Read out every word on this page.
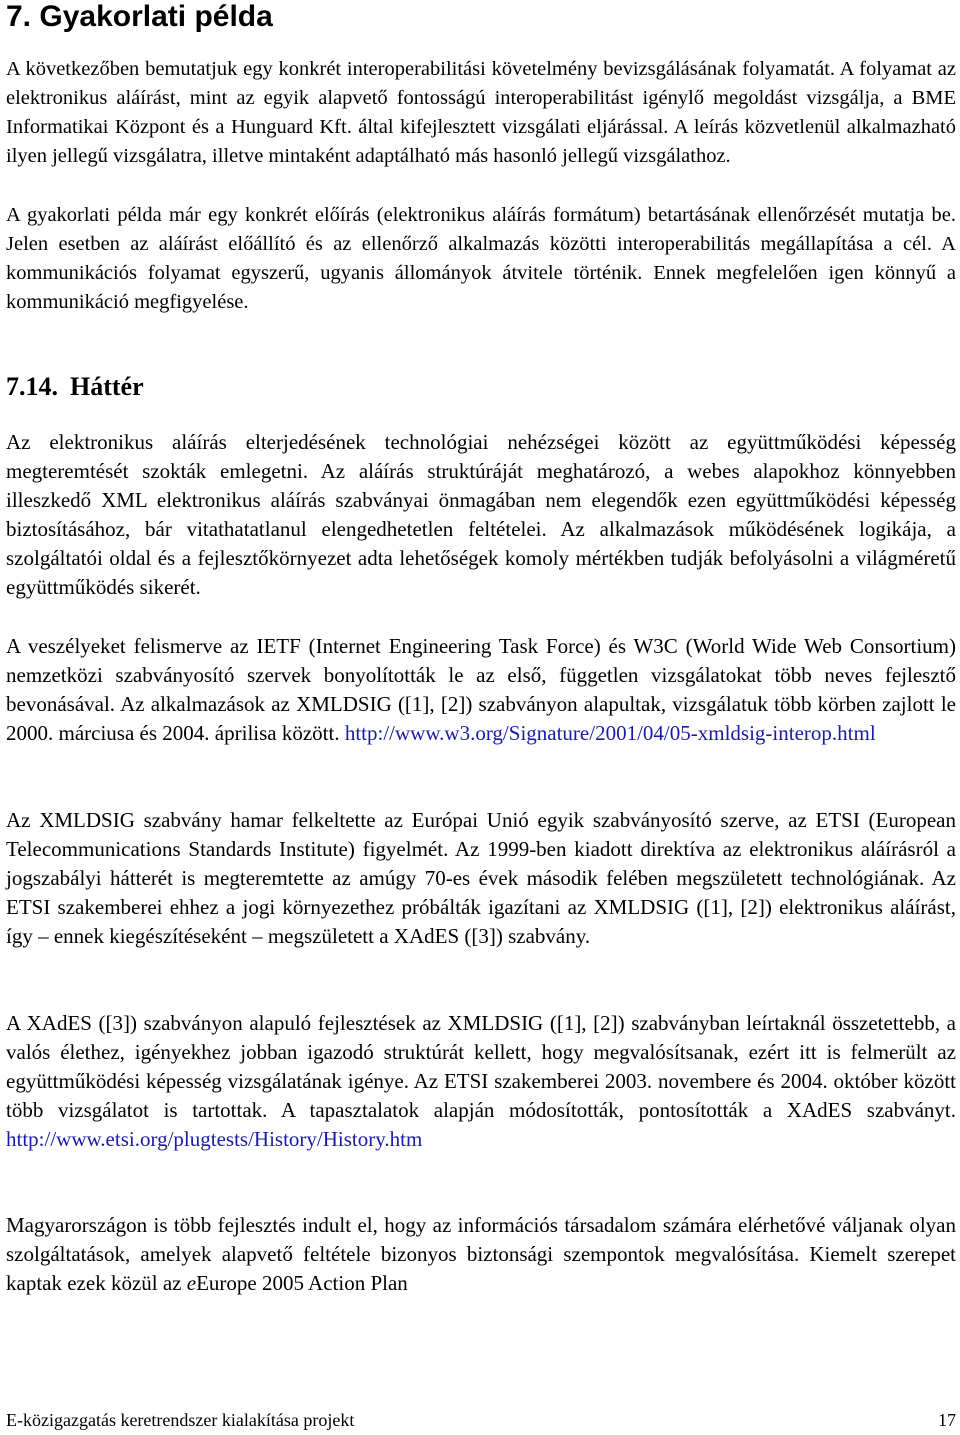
7. Gyakorlati példa

A következőben bemutatjuk egy konkrét interoperabilitási követelmény bevizsgálásának folyamatát. A folyamat az elektronikus aláírást, mint az egyik alapvető fontosságú interoperabilitást igénylő megoldást vizsgálja, a BME Informatikai Központ és a Hunguard Kft. által kifejlesztett vizsgálati eljárással. A leírás közvetlenül alkalmazható ilyen jellegű vizsgálatra, illetve mintaként adaptálható más hasonló jellegű vizsgálathoz.

A gyakorlati példa már egy konkrét előírás (elektronikus aláírás formátum) betartásának ellenőrzését mutatja be. Jelen esetben az aláírást előállító és az ellenőrző alkalmazás közötti interoperabilitás megállapítása a cél. A kommunikációs folyamat egyszerű, ugyanis állományok átvitele történik. Ennek megfelelően igen könnyű a kommunikáció megfigyelése.

7.14. Háttér

Az elektronikus aláírás elterjedésének technológiai nehézségei között az együttműködési képesség megteremtését szokták emlegetni. Az aláírás struktúráját meghatározó, a webes alapokhoz könnyebben illeszkedő XML elektronikus aláírás szabványai önmagában nem elegendők ezen együttműködési képesség biztosításához, bár vitathatatlanul elengedhetetlen feltételei. Az alkalmazások működésének logikája, a szolgáltatói oldal és a fejlesztőkörnyezet adta lehetőségek komoly mértékben tudják befolyásolni a világméretű együttműködés sikerét.

A veszélyeket felismerve az IETF (Internet Engineering Task Force) és W3C (World Wide Web Consortium) nemzetközi szabványosító szervek bonyolították le az első, független vizsgálatokat több neves fejlesztő bevonásával. Az alkalmazások az XMLDSIG ([1], [2]) szabványon alapultak, vizsgálatuk több körben zajlott le 2000. márciusa és 2004. áprilisa között. http://www.w3.org/Signature/2001/04/05-xmldsig-interop.html

Az XMLDSIG szabvány hamar felkeltette az Európai Unió egyik szabványosító szerve, az ETSI (European Telecommunications Standards Institute) figyelmét. Az 1999-ben kiadott direktíva az elektronikus aláírásról a jogszabályi hátterét is megteremtette az amúgy 70-es évek második felében megszületett technológiának. Az ETSI szakemberei ehhez a jogi környezethez próbálták igazítani az XMLDSIG ([1], [2]) elektronikus aláírást, így – ennek kiegészítéseként – megszületett a XAdES ([3]) szabvány.

A XAdES ([3]) szabványon alapuló fejlesztések az XMLDSIG ([1], [2]) szabványban leírtaknál összetettebb, a valós élethez, igényekhez jobban igazodó struktúrát kellett, hogy megvalósítsanak, ezért itt is felmerült az együttműködési képesség vizsgálatának igénye. Az ETSI szakemberei 2003. novembere és 2004. október között több vizsgálatot is tartottak. A tapasztalatok alapján módosították, pontosították a XAdES szabványt. http://www.etsi.org/plugtests/History/History.htm

Magyarországon is több fejlesztés indult el, hogy az információs társadalom számára elérhetővé váljanak olyan szolgáltatások, amelyek alapvető feltétele bizonyos biztonsági szempontok megvalósítása. Kiemelt szerepet kaptak ezek közül az eEurope 2005 Action Plan

E-közigazgatás keretrendszer kialakítása projekt	17
